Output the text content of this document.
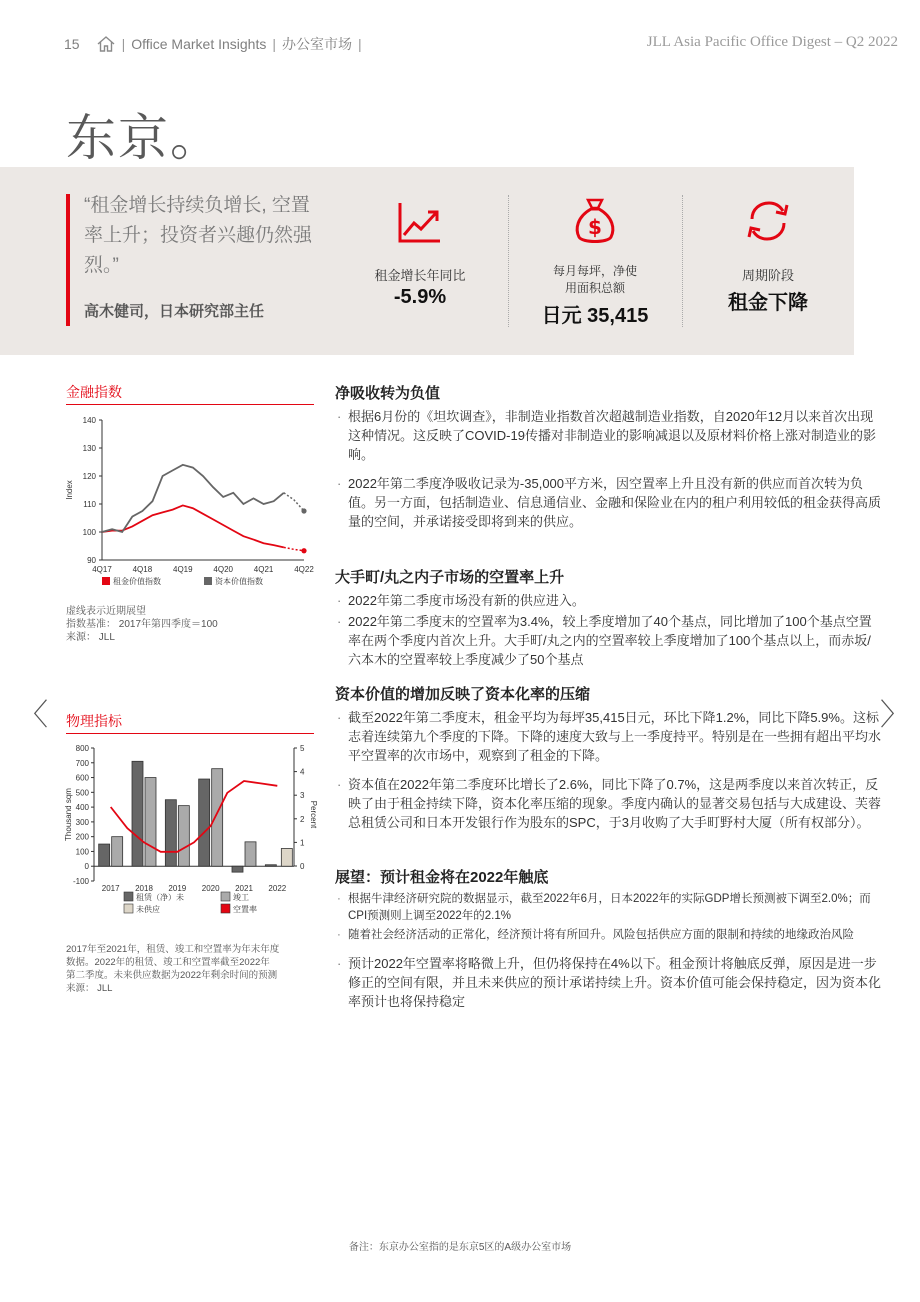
15	| Office Market Insights | 办公室市场 |	JLL Asia Pacific Office Digest – Q2 2022
东京。
“租金增长持续负增长, 空置率上升；投资者兴趣仍然强烈。”
高木健司，日本研究部主任
租金增长年同比
-5.9%
$
每月每坪，净使
用面积总额
日元 35,415
周期阶段
租金下降
金融指数
90
100
110
120
130
140
4Q17	4Q18	4Q19	4Q20	4Q21	4Q22
Index
租金价值指数	资本价值指数
虚线表示近期展望
指数基准： 2017年第四季度＝100
来源： JLL
物理指标
-100
0
100
200
300
400
500
600
700
800
0
1
2
3
4
5
Thousand sqm	Percent
2017 2018 2019 2020 2021 2022
租赁（净）未	竣工
未供应	空置率
2017年至2021年，租赁、竣工和空置率为年末年度
数据。2022年的租赁、竣工和空置率截至2022年
第二季度。未来供应数据为2022年剩余时间的预测
来源： JLL
〈	〉
净吸收转为负值
· 根据6月份的《坦坎调查》，非制造业指数首次超越制造业指数，自2020年12月以来首次出现这种情况。这反映了COVID-19传播对非制造业的影响减退以及原材料价格上涨对制造业的影响。
· 2022年第二季度净吸收记录为-35,000平方米，因空置率上升且没有新的供应而首次转为负值。另一方面，包括制造业、信息通信业、金融和保险业在内的租户利用较低的租金获得高质量的空间，并承诺接受即将到来的供应。
大手町/丸之内子市场的空置率上升
· 2022年第二季度市场没有新的供应进入。
· 2022年第二季度末的空置率为3.4%，较上季度增加了40个基点，同比增加了100个基点空置率在两个季度内首次上升。大手町/丸之内的空置率较上季度增加了100个基点以上，而赤坂/六本木的空置率较上季度减少了50个基点
资本价值的增加反映了资本化率的压缩
· 截至2022年第二季度末，租金平均为每坪35,415日元，环比下降1.2%，同比下降5.9%。这标志着连续第九个季度的下降。下降的速度大致与上一季度持平。特别是在一些拥有超出平均水平空置率的次市场中，观察到了租金的下降。
· 资本值在2022年第二季度环比增长了2.6%，同比下降了0.7%，这是两季度以来首次转正，反映了由于租金持续下降，资本化率压缩的现象。季度内确认的显著交易包括与大成建设、芙蓉总租赁公司和日本开发银行作为股东的SPC，于3月收购了大手町野村大厦（所有权部分）。
展望：预计租金将在2022年触底
· 根据牛津经济研究院的数据显示，截至2022年6月，日本2022年的实际GDP增长预测被下调至2.0%；而CPI预测则上调至2022年的2.1%
· 随着社会经济活动的正常化，经济预计将有所回升。风险包括供应方面的限制和持续的地缘政治风险
· 预计2022年空置率将略微上升，但仍将保持在4%以下。租金预计将触底反弹，原因是进一步修正的空间有限，并且未来供应的预计承诺持续上升。资本价值可能会保持稳定，因为资本化率预计也将保持稳定
备注：东京办公室指的是东京5区的A级办公室市场
